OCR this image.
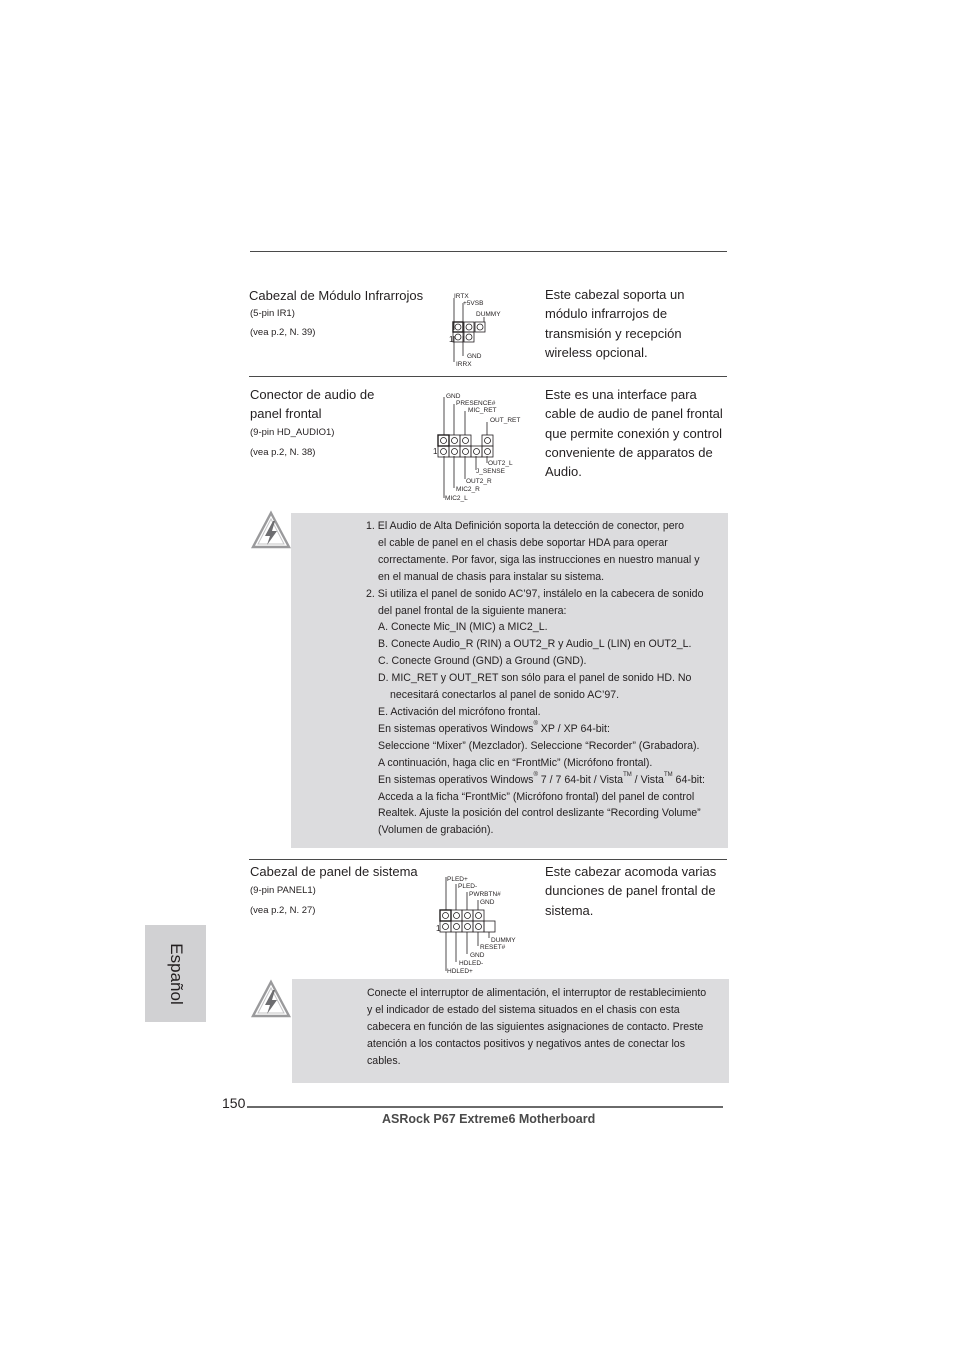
Cabezal de Módulo Infrarrojos
(5-pin IR1)
(vea p.2, N. 39)
Este cabezal soporta un
módulo infrarrojos de
transmisión y recepción
wireless opcional.
IRTX
+5VSB
DUMMY
1
GND
IRRX
Conector de audio de
panel frontal
(9-pin HD_AUDIO1)
(vea p.2, N. 38)
Este es una interface para
cable de audio de panel frontal
que permite conexión y control
conveniente de apparatos de
Audio.
GND
PRESENCE#
MIC_RET
OUT_RET
1
OUT2_L
J_SENSE
OUT2_R
MIC2_R
MIC2_L

1. El Audio de Alta Definición soporta la detección de conector, pero

el cable de panel en el chasis debe soportar HDA para operar

correctamente. Por favor, siga las instrucciones en nuestro manual y

en el manual de chasis para instalar su sistema.

2. Si utiliza el panel de sonido AC’97, instálelo en la cabecera de sonido

del panel frontal de la siguiente manera:

A. Conecte Mic_IN (MIC) a MIC2_L.

B. Conecte Audio_R (RIN) a OUT2_R y Audio_L (LIN) en OUT2_L.

C. Conecte Ground (GND) a Ground (GND).

D. MIC_RET y OUT_RET son sólo para el panel de sonido HD. No

necesitará conectarlos al panel de sonido AC’97.

E. Activación del micrófono frontal.

En sistemas operativos Windows® XP / XP 64-bit:

Seleccione “Mixer” (Mezclador). Seleccione “Recorder” (Grabadora).

A continuación, haga clic en “FrontMic” (Micrófono frontal).

En sistemas operativos Windows® 7 / 7 64-bit / Vista™ / Vista™ 64-bit:

Acceda a la ficha “FrontMic” (Micrófono frontal) del panel de control

Realtek. Ajuste la posición del control deslizante “Recording Volume”

(Volumen de grabación).

Cabezal de panel de sistema
(9-pin PANEL1)
(vea p.2, N. 27)
Este cabezar acomoda varias
dunciones de panel frontal de
sistema.
PLED+
PLED-
PWRBTN#
GND
1
DUMMY
RESET#
GND
HDLED-
HDLED+
Español	Conecte el interruptor de alimentación, el interruptor de restablecimiento

y el indicador de estado del sistema situados en el chasis con esta

cabecera en función de las siguientes asignaciones de contacto. Preste

atención a los contactos positivos y negativos antes de conectar los

cables.

150
ASRock P67 Extreme6 Motherboard
